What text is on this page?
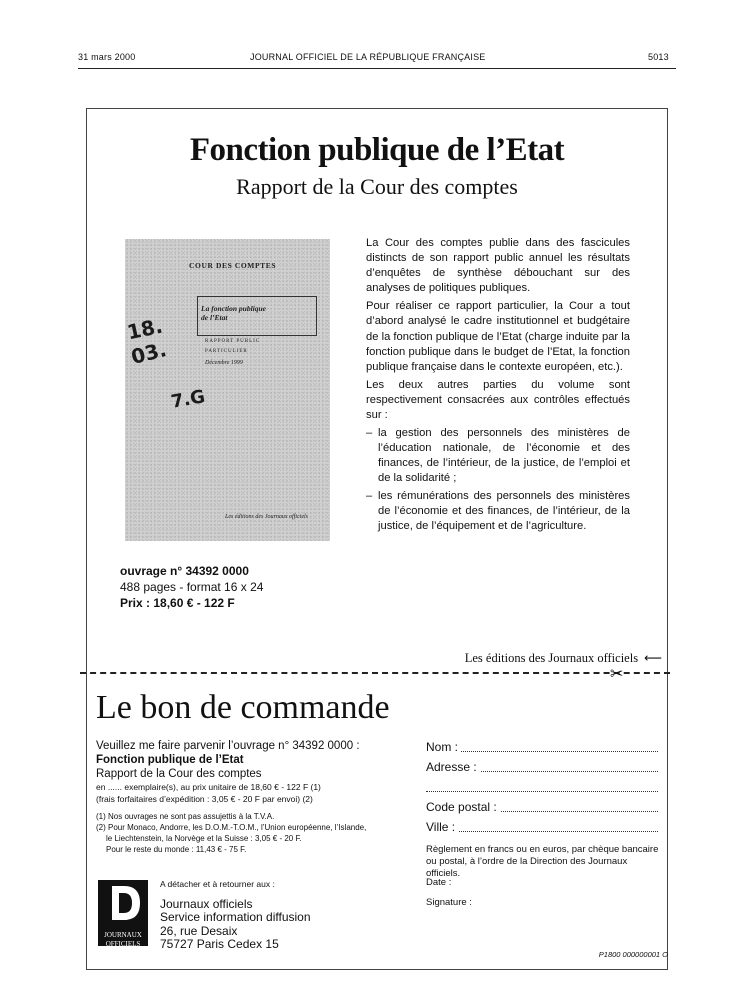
31 mars 2000	JOURNAL OFFICIEL DE LA RÉPUBLIQUE FRANÇAISE	5013
Fonction publique de l’Etat
Rapport de la Cour des comptes
COUR DES COMPTES
La fonction publique
de l’Etat
RAPPORT PUBLIC
PARTICULIER
Décembre 1999
18.
03.
7.G
Les éditions des Journaux officiels

La Cour des comptes publie dans des fascicules distincts de son rapport public annuel les résultats d’enquêtes de synthèse débouchant sur des analyses de politiques publiques.

Pour réaliser ce rapport particulier, la Cour a tout d’abord analysé le cadre institutionnel et budgétaire de la fonction publique de l’Etat (charge induite par la fonction publique dans le budget de l’Etat, la fonction publique française dans le contexte européen, etc.).

Les deux autres parties du volume sont respectivement consacrées aux contrôles effectués sur :

– la gestion des personnels des ministères de l’éducation nationale, de l’économie et des finances, de l’intérieur, de la justice, de l’emploi et de la solidarité ;
– les rémunérations des personnels des ministères de l’économie et des finances, de l’intérieur, de la justice, de l’équipement et de l’agriculture.
ouvrage n° 34392 0000
488 pages - format 16 x 24
Prix : 18,60 € - 122 F
Les éditions des Journaux officiels ⟵
✂
Le bon de commande
Veuillez me faire parvenir l’ouvrage n° 34392 0000 :
Fonction publique de l’Etat
Rapport de la Cour des comptes
en ...... exemplaire(s), au prix unitaire de 18,60 € - 122 F (1)
(frais forfaitaires d’expédition : 3,05 € - 20 F par envoi) (2)
(1) Nos ouvrages ne sont pas assujettis à la T.V.A.
(2) Pour Monaco, Andorre, les D.O.M.-T.O.M., l’Union européenne, l’Islande,
le Liechtenstein, la Norvège et la Suisse : 3,05 € - 20 F.
Pour le reste du monde : 11,43 € - 75 F.
Nom :
Adresse :
Code postal :
Ville :
Règlement en francs ou en euros, par chèque bancaire ou postal, à l’ordre de la Direction des Journaux officiels.
Date :
Signature :
JOURNAUX
OFFICIELS
A détacher et à retourner aux :
Journaux officiels
Service information diffusion
26, rue Desaix
75727 Paris Cedex 15
P1800 000000001 O
